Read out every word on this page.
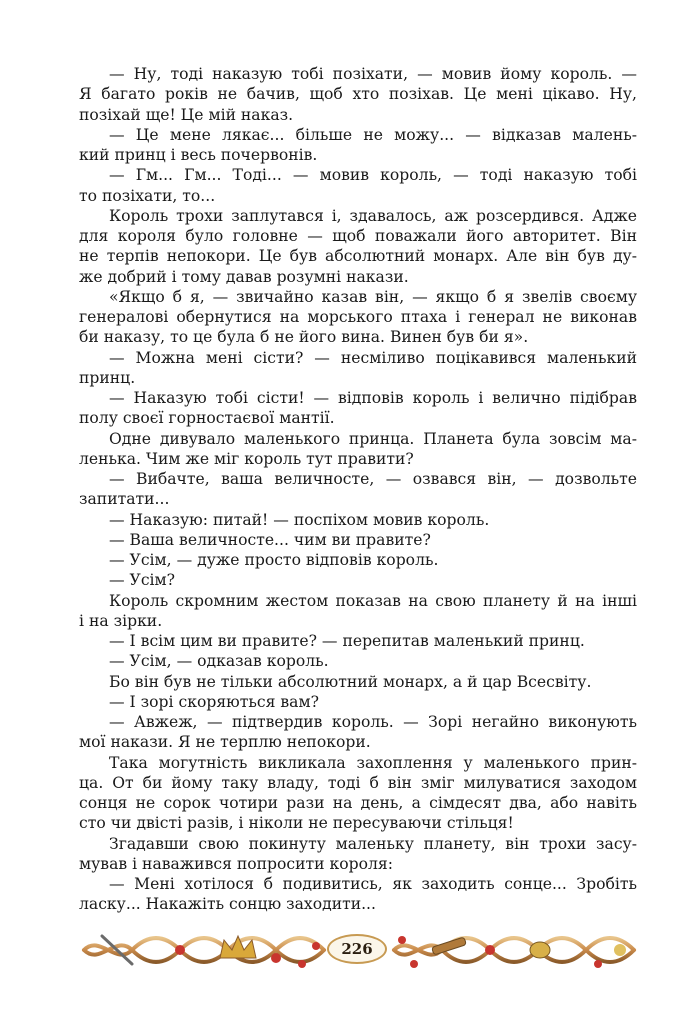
— Ну, тоді наказую тобі позіхати, — мовив йому король. —
Я багато років не бачив, щоб хто позіхав. Це мені цікаво. Ну,
позіхай ще! Це мій наказ.
— Це мене лякає... більше не можу... — відказав малень-
кий принц і весь почервонів.
— Гм... Гм... Тоді... — мовив король, — тоді наказую тобі
то позіхати, то...
Король трохи заплутався і, здавалось, аж розсердився. Адже
для короля було головне — щоб поважали його авторитет. Він
не терпів непокори. Це був абсолютний монарх. Але він був ду-
же добрий і тому давав розумні накази.
«Якщо б я, — звичайно казав він, — якщо б я звелів своєму
генералові обернутися на морського птаха і генерал не виконав
би наказу, то це була б не його вина. Винен був би я».
— Можна мені сісти? — несміливо поцікавився маленький
принц.
— Наказую тобі сісти! — відповів король і велично підібрав
полу своєї горностаєвої мантії.
Одне дивувало маленького принца. Планета була зовсім ма-
ленька. Чим же міг король тут правити?
— Вибачте, ваша величносте, — озвався він, — дозвольте
запитати...
— Наказую: питай! — поспіхом мовив король.
— Ваша величносте... чим ви правите?
— Усім, — дуже просто відповів король.
— Усім?
Король скромним жестом показав на свою планету й на інші
і на зірки.
— І всім цим ви правите? — перепитав маленький принц.
— Усім, — одказав король.
Бо він був не тільки абсолютний монарх, а й цар Всесвіту.
— І зорі скоряються вам?
— Авжеж, — підтвердив король. — Зорі негайно виконують
мої накази. Я не терплю непокори.
Така могутність викликала захоплення у маленького прин-
ца. От би йому таку владу, тоді б він зміг милуватися заходом
сонця не сорок чотири рази на день, а сімдесят два, або навіть
сто чи двісті разів, і ніколи не пересуваючи стільця!
Згадавши свою покинуту маленьку планету, він трохи засу-
мував і наважився попросити короля:
— Мені хотілося б подивитись, як заходить сонце... Зробіть
ласку... Накажіть сонцю заходити...
226
